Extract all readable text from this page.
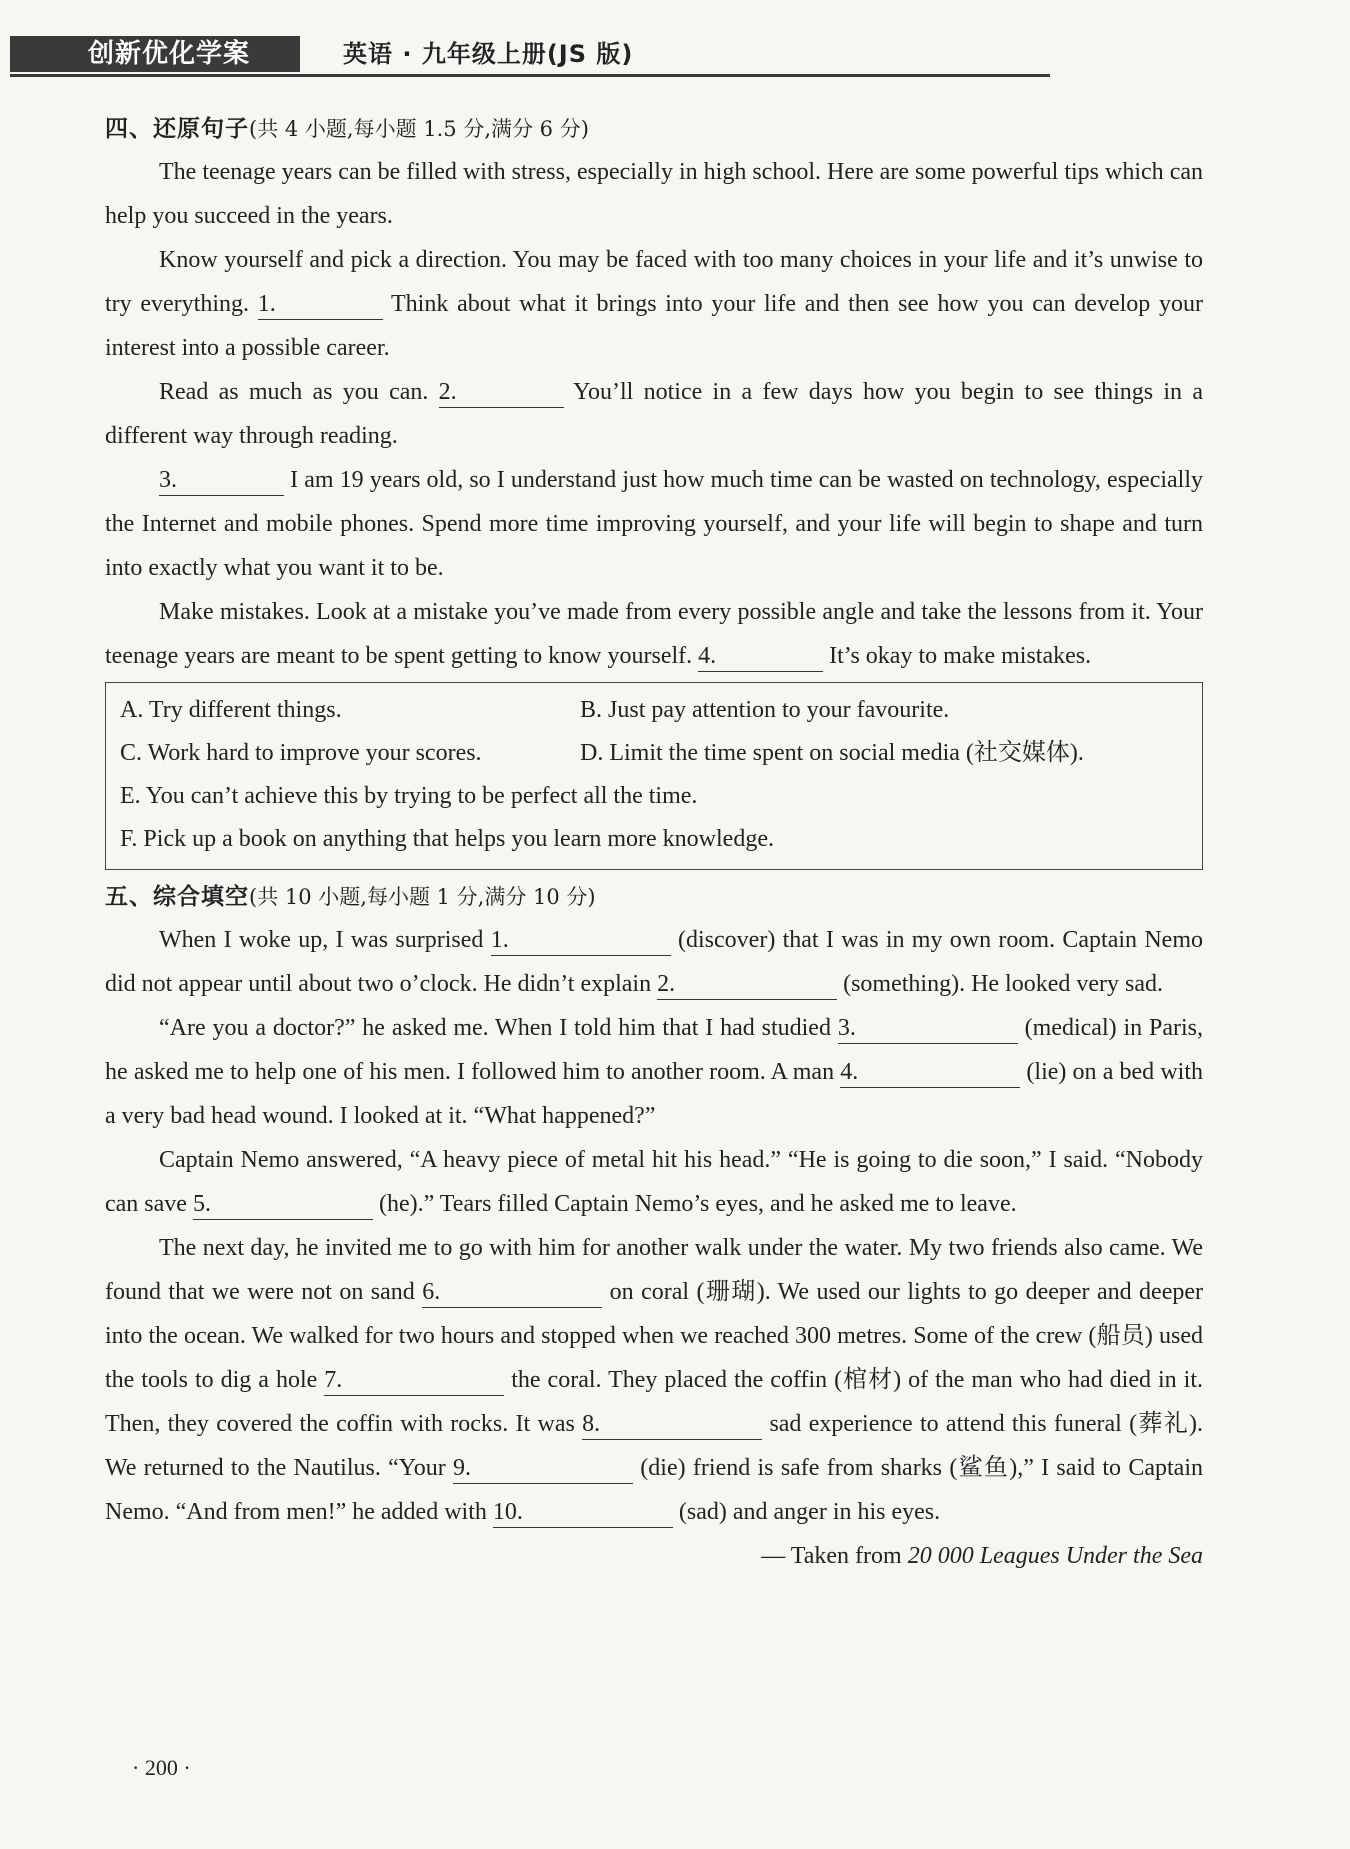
创新优化学案	英语 · 九年级上册(JS 版)
四、还原句子(共 4 小题,每小题 1.5 分,满分 6 分)

The teenage years can be filled with stress, especially in high school. Here are some powerful tips which can help you succeed in the years.

Know yourself and pick a direction. You may be faced with too many choices in your life and it’s unwise to try everything. 1.	Think about what it brings into your life and then see how you can develop your interest into a possible career.

Read as much as you can. 2.	You’ll notice in a few days how you begin to see things in a different way through reading.

3.	I am 19 years old, so I understand just how much time can be wasted on technology, especially the Internet and mobile phones. Spend more time improving yourself, and your life will begin to shape and turn into exactly what you want it to be.

Make mistakes. Look at a mistake you’ve made from every possible angle and take the lessons from it. Your teenage years are meant to be spent getting to know yourself. 4.	It’s okay to make mistakes.

A. Try different things.	B. Just pay attention to your favourite.
C. Work hard to improve your scores.	D. Limit the time spent on social media (社交媒体).
E. You can’t achieve this by trying to be perfect all the time.
F. Pick up a book on anything that helps you learn more knowledge.
五、综合填空(共 10 小题,每小题 1 分,满分 10 分)

When I woke up, I was surprised 1.	(discover) that I was in my own room. Captain Nemo did not appear until about two o’clock. He didn’t explain 2.	(something). He looked very sad.

“Are you a doctor?” he asked me. When I told him that I had studied 3.	(medical) in Paris, he asked me to help one of his men. I followed him to another room. A man 4.	(lie) on a bed with a very bad head wound. I looked at it. “What happened?”

Captain Nemo answered, “A heavy piece of metal hit his head.” “He is going to die soon,” I said. “Nobody can save 5.	(he).” Tears filled Captain Nemo’s eyes, and he asked me to leave.

The next day, he invited me to go with him for another walk under the water. My two friends also came. We found that we were not on sand 6.	on coral (珊瑚). We used our lights to go deeper and deeper into the ocean. We walked for two hours and stopped when we reached 300 metres. Some of the crew (船员) used the tools to dig a hole 7.	the coral. They placed the coffin (棺材) of the man who had died in it. Then, they covered the coffin with rocks. It was 8.	sad experience to attend this funeral (葬礼). We returned to the Nautilus. “Your 9.	(die) friend is safe from sharks (鲨鱼),” I said to Captain Nemo. “And from men!” he added with 10.	(sad) and anger in his eyes.

— Taken from 20 000 Leagues Under the Sea
· 200 ·
